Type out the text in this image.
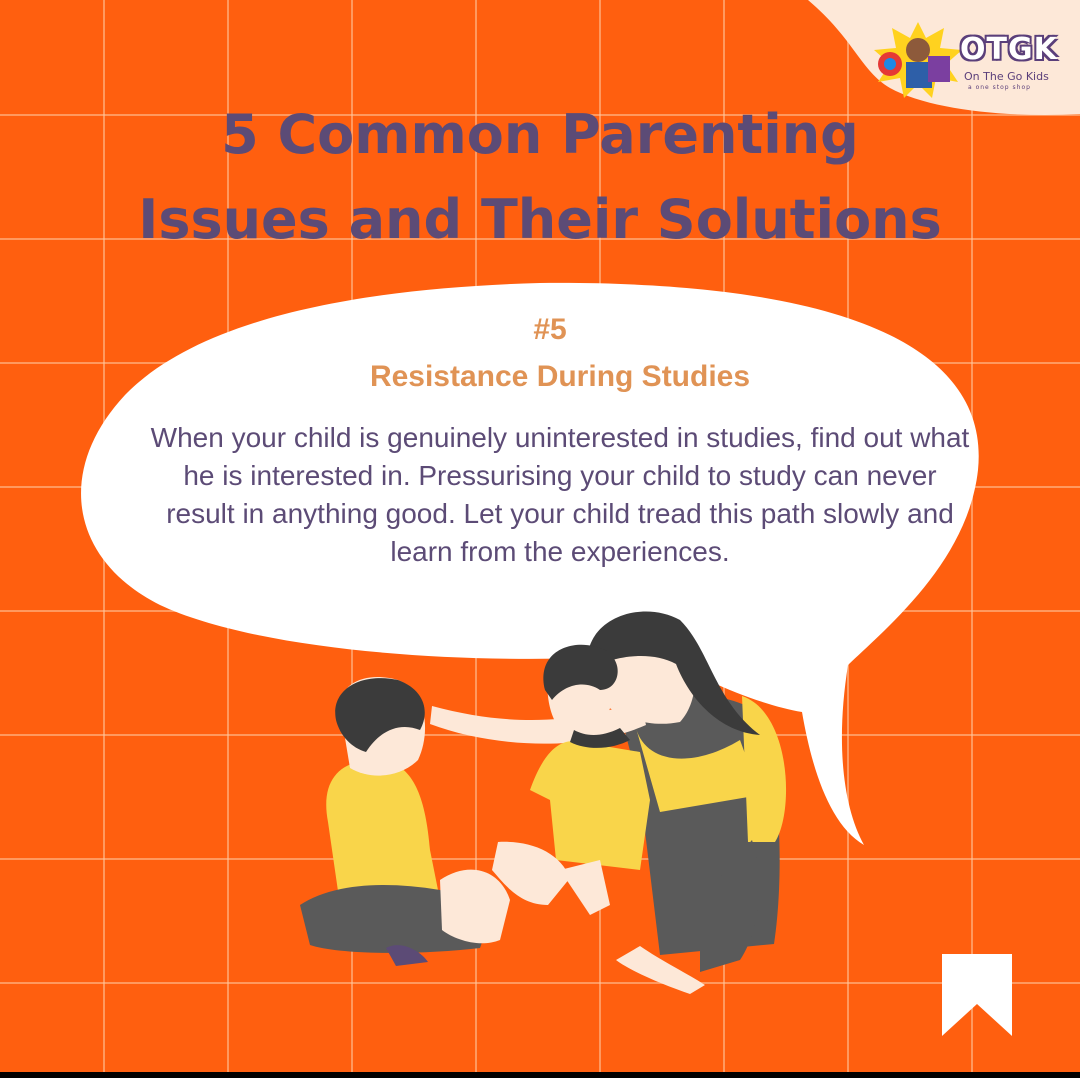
OTGK
On The Go Kids
a one stop shop
5 Common Parenting
Issues and Their Solutions
#5
Resistance During Studies
When your child is genuinely uninterested in studies, find out what he is interested in. Pressurising your child to study can never result in anything good. Let your child tread this path slowly and learn from the experiences.
